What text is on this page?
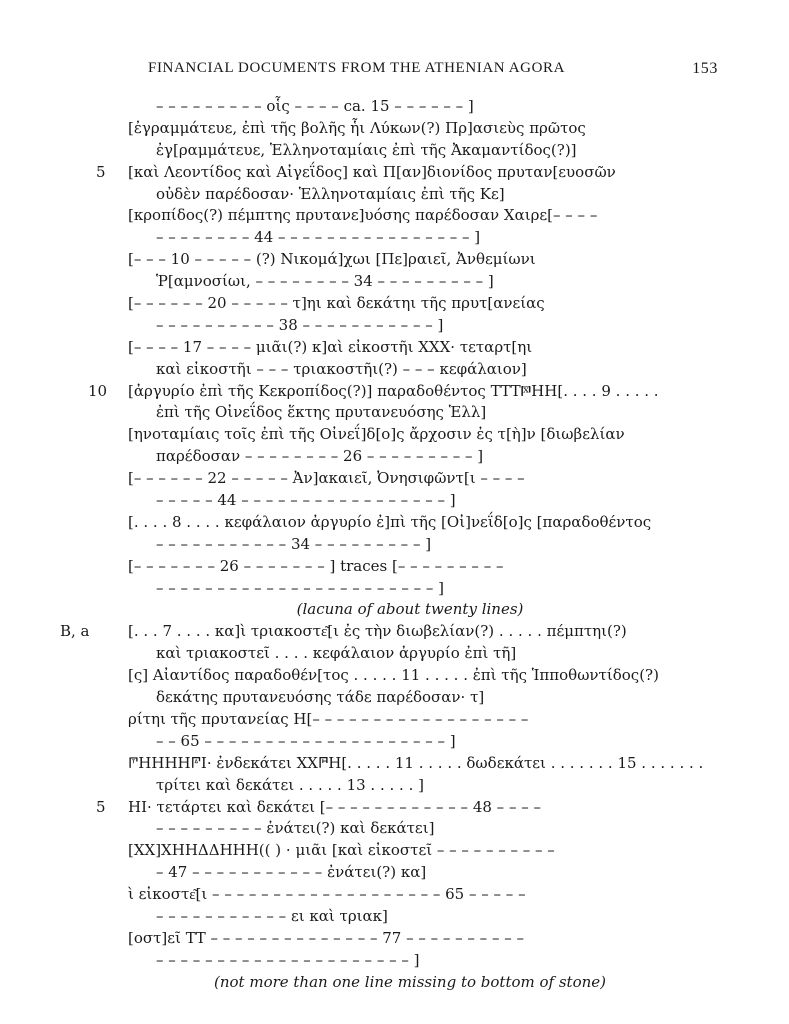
FINANCIAL DOCUMENTS FROM THE ATHENIAN AGORA	153
– – – – – – – – – οἷς – – – – ca. 15 – – – – – – ]
[ἐγραμμάτευε, ἐπὶ τῆς βολῆς ἧι Λύκων(?) Πρ]ασιεὺς πρῶτος
ἐγ[ραμμάτευε, Ἑλληνοταμίαις ἐπὶ τῆς Ἀκαμαντίδος(?)]
5	[καὶ Λεοντίδος καὶ Αἰγεΐδος] καὶ Π[αν]διονίδος πρυταν[ευοσῶν
οὐδὲν παρέδοσαν· Ἑλληνοταμίαις ἐπὶ τῆς Κε]
[κροπίδος(?) πέμπτης πρυτανε]υόσης παρέδοσαν Χαιρε[– – – –
– – – – – – – – 44 – – – – – – – – – – – – – – – – ]
[– – – 10 – – – – – (?) Νικομά]χωι [Πε]ραιεῖ, Ἀνθεμίωνι
Ῥ[αμνοσίωι, – – – – – – – – 34 – – – – – – – – – ]
[– – – – – – 20 – – – – – τ]ηι καὶ δεκάτηι τῆς πρυτ[ανείας
– – – – – – – – – – 38 – – – – – – – – – – – ]
[– – – – 17 – – – – μιᾶι(?) κ]αὶ εἰκοστῆι ΧΧΧ· τεταρτ[ηι
καὶ εἰκοστῆι – – – τριακοστῆι(?) – – – κεφάλαιον]
10	[ἀργυρίο ἐπὶ τῆς Κεκροπίδος(?)] παραδοθέντος ΤΤΤ𐅆ΗΗ[. . . . 9 . . . . .
ἐπὶ τῆς Οἰνεΐδος ἕκτης πρυτανευόσης Ἑλλ]
[ηνοταμίαις τοῖς ἐπὶ τῆς Οἰνεΐ]δ[ο]ς ἄρχοσιν ἐς τ[ὴ]ν [διωβελίαν
παρέδοσαν – – – – – – – – 26 – – – – – – – – – ]
[– – – – – – 22 – – – – – Ἀν]ακαιεῖ, Ὀνησιφῶντ[ι – – – –
– – – – – 44 – – – – – – – – – – – – – – – – – ]
[. . . . 8 . . . . κεφάλαιον ἀργυρίο ἐ]πὶ τῆς [Οἰ]νεΐδ[ο]ς [παραδοθέντος
– – – – – – – – – – – 34 – – – – – – – – – ]
[– – – – – – – 26 – – – – – – – ] traces [– – – – – – – – –
– – – – – – – – – – – – – – – – – – – – – – – ]
(lacuna of about twenty lines)
B, a	[. . . 7 . . . . κα]ὶ τριακοστε͂[ι ἐς τὴν διωβελίαν(?) . . . . . πέμπτηι(?)
καὶ τριακοστεῖ . . . . κεφάλαιον ἀργυρίο ἐπὶ τῆ]
[ς] Αἰαντίδος παραδοθέν[τος . . . . . 11 . . . . . ἐπὶ τῆς Ἱπποθωντίδος(?)
δεκάτης πρυτανευόσης τάδε παρέδοσαν· τ]
ρίτηι τῆς πρυτανείας Η[– – – – – – – – – – – – – – – – – –
– – 65 – – – – – – – – – – – – – – – – – – – – ]
𐅈ΗΗΗΗ𐅄Ι· ἐνδεκάτει ΧΧ𐅅Η[. . . . . 11 . . . . . δωδεκάτει . . . . . . . 15 . . . . . . .
τρίτει καὶ δεκάτει . . . . . 13 . . . . . ]
5	ΗΙ· τετάρτει καὶ δεκάτει [– – – – – – – – – – – – 48 – – – –
– – – – – – – – – ἐνάτει(?) καὶ δεκάτει]
[ΧΧ]ΧΗΗΔΔΗΗΗ(( ) · μιᾶι [καὶ εἰκοστεῖ – – – – – – – – – –
– 47 – – – – – – – – – – – ἐνάτει(?) κα]
ὶ εἰκοστε͂[ι – – – – – – – – – – – – – – – – – – – 65 – – – – –
– – – – – – – – – – – ει καὶ τριακ]
[οστ]εῖ ΤΤ – – – – – – – – – – – – – – 77 – – – – – – – – – –
– – – – – – – – – – – – – – – – – – – – – ]
(not more than one line missing to bottom of stone)
